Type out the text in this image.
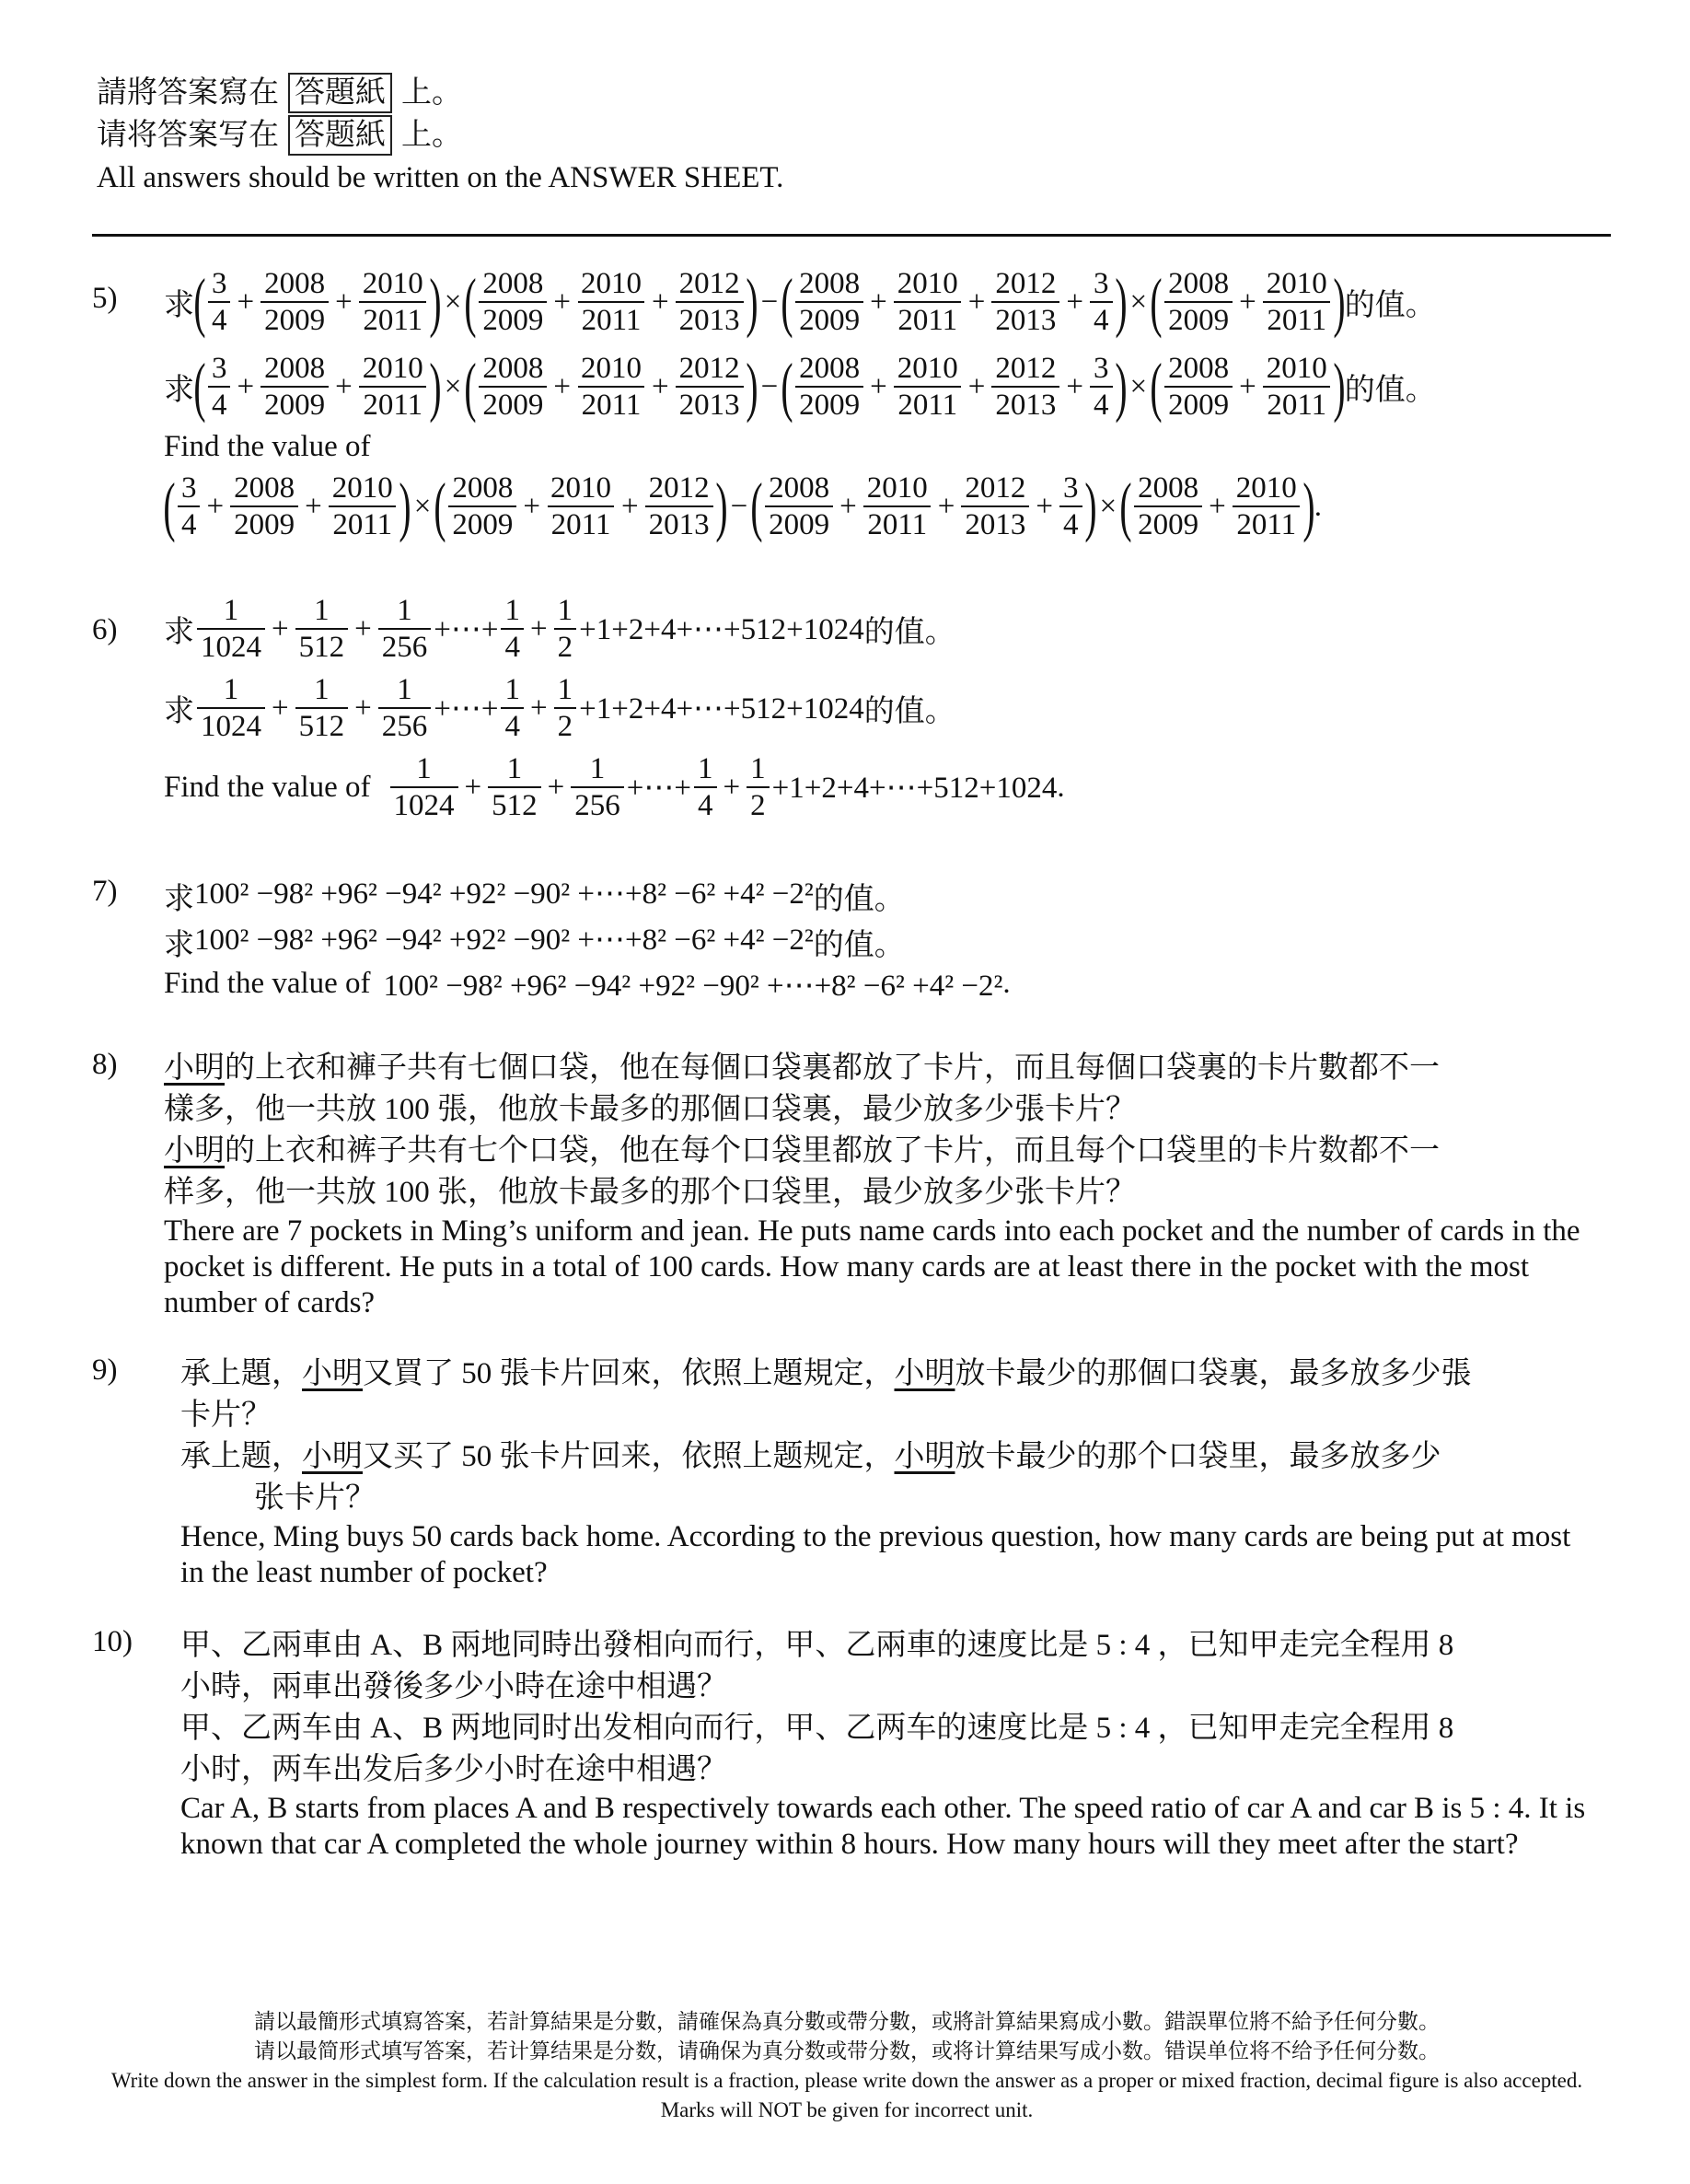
請將答案寫在 答題紙 上。
请将答案写在 答题紙 上。
All answers should be written on the ANSWER SHEET.
5)	求 ( $\frac{3}{4} + \frac{2008}{2009} + \frac{2010}{2011}$ ) × ( $\frac{2008}{2009} + \frac{2010}{2011} + \frac{2012}{2013}$ ) − ( $\frac{2008}{2009} + \frac{2010}{2011} + \frac{2012}{2013} + \frac{3}{4}$ ) × ( $\frac{2008}{2009} + \frac{2010}{2011}$ ) 的值。
求 ( $\frac{3}{4} + \frac{2008}{2009} + \frac{2010}{2011}$ ) × ( $\frac{2008}{2009} + \frac{2010}{2011} + \frac{2012}{2013}$ ) − ( $\frac{2008}{2009} + \frac{2010}{2011} + \frac{2012}{2013} + \frac{3}{4}$ ) × ( $\frac{2008}{2009} + \frac{2010}{2011}$ ) 的值。
Find the value of
( $\frac{3}{4} + \frac{2008}{2009} + \frac{2010}{2011}$ ) × ( $\frac{2008}{2009} + \frac{2010}{2011} + \frac{2012}{2013}$ ) − ( $\frac{2008}{2009} + \frac{2010}{2011} + \frac{2012}{2013} + \frac{3}{4}$ ) × ( $\frac{2008}{2009} + \frac{2010}{2011}$ ) .
6)	求 $\frac{1}{1024} + \frac{1}{512} + \frac{1}{256}$ +⋯+ $\frac{1}{4} + \frac{1}{2}$ +1+2+4+⋯+512+1024 的值。
求 $\frac{1}{1024} + \frac{1}{512} + \frac{1}{256}$ +⋯+ $\frac{1}{4} + \frac{1}{2}$ +1+2+4+⋯+512+1024 的值。
Find the value of $\frac{1}{1024} + \frac{1}{512} + \frac{1}{256}$ +⋯+ $\frac{1}{4} + \frac{1}{2}$ +1+2+4+⋯+512+1024 .
7)	求 100² −98² +96² −94² +92² −90² +⋯+8² −6² +4² −2² 的值。
求 100² −98² +96² −94² +92² −90² +⋯+8² −6² +4² −2² 的值。
Find the value of 100² −98² +96² −94² +92² −90² +⋯+8² −6² +4² −2² .
8)	小明的上衣和褲子共有七個口袋，他在每個口袋裏都放了卡片，而且每個口袋裏的卡片數都不一
樣多，他一共放 100 張，他放卡最多的那個口袋裏，最少放多少張卡片？
小明的上衣和裤子共有七个口袋，他在每个口袋里都放了卡片，而且每个口袋里的卡片数都不一
样多，他一共放 100 张，他放卡最多的那个口袋里，最少放多少张卡片？
There are 7 pockets in Ming’s uniform and jean. He puts name cards into each pocket and the number of cards in the pocket is different. He puts in a total of 100 cards. How many cards are at least there in the pocket with the most number of cards?
9)	承上題，小明又買了 50 張卡片回來，依照上題規定，小明放卡最少的那個口袋裏，最多放多少張
卡片？
承上题，小明又买了 50 张卡片回来，依照上题规定，小明放卡最少的那个口袋里，最多放多少
张卡片？
Hence, Ming buys 50 cards back home. According to the previous question, how many cards are being put at most in the least number of pocket?
10)	甲、乙兩車由 A、B 兩地同時出發相向而行，甲、乙兩車的速度比是 5 : 4 ，已知甲走完全程用 8
小時，兩車出發後多少小時在途中相遇？
甲、乙两车由 A、B 两地同时出发相向而行，甲、乙两车的速度比是 5 : 4 ，已知甲走完全程用 8
小时，两车出发后多少小时在途中相遇？
Car A, B starts from places A and B respectively towards each other. The speed ratio of car A and car B is 5 : 4. It is known that car A completed the whole journey within 8 hours. How many hours will they meet after the start?
請以最簡形式填寫答案，若計算結果是分數，請確保為真分數或帶分數，或將計算結果寫成小數。錯誤單位將不給予任何分數。
请以最简形式填写答案，若计算结果是分数，请确保为真分数或带分数，或将计算结果写成小数。错误单位将不给予任何分数。
Write down the answer in the simplest form. If the calculation result is a fraction, please write down the answer as a proper or mixed fraction, decimal figure is also accepted. Marks will NOT be given for incorrect unit.
